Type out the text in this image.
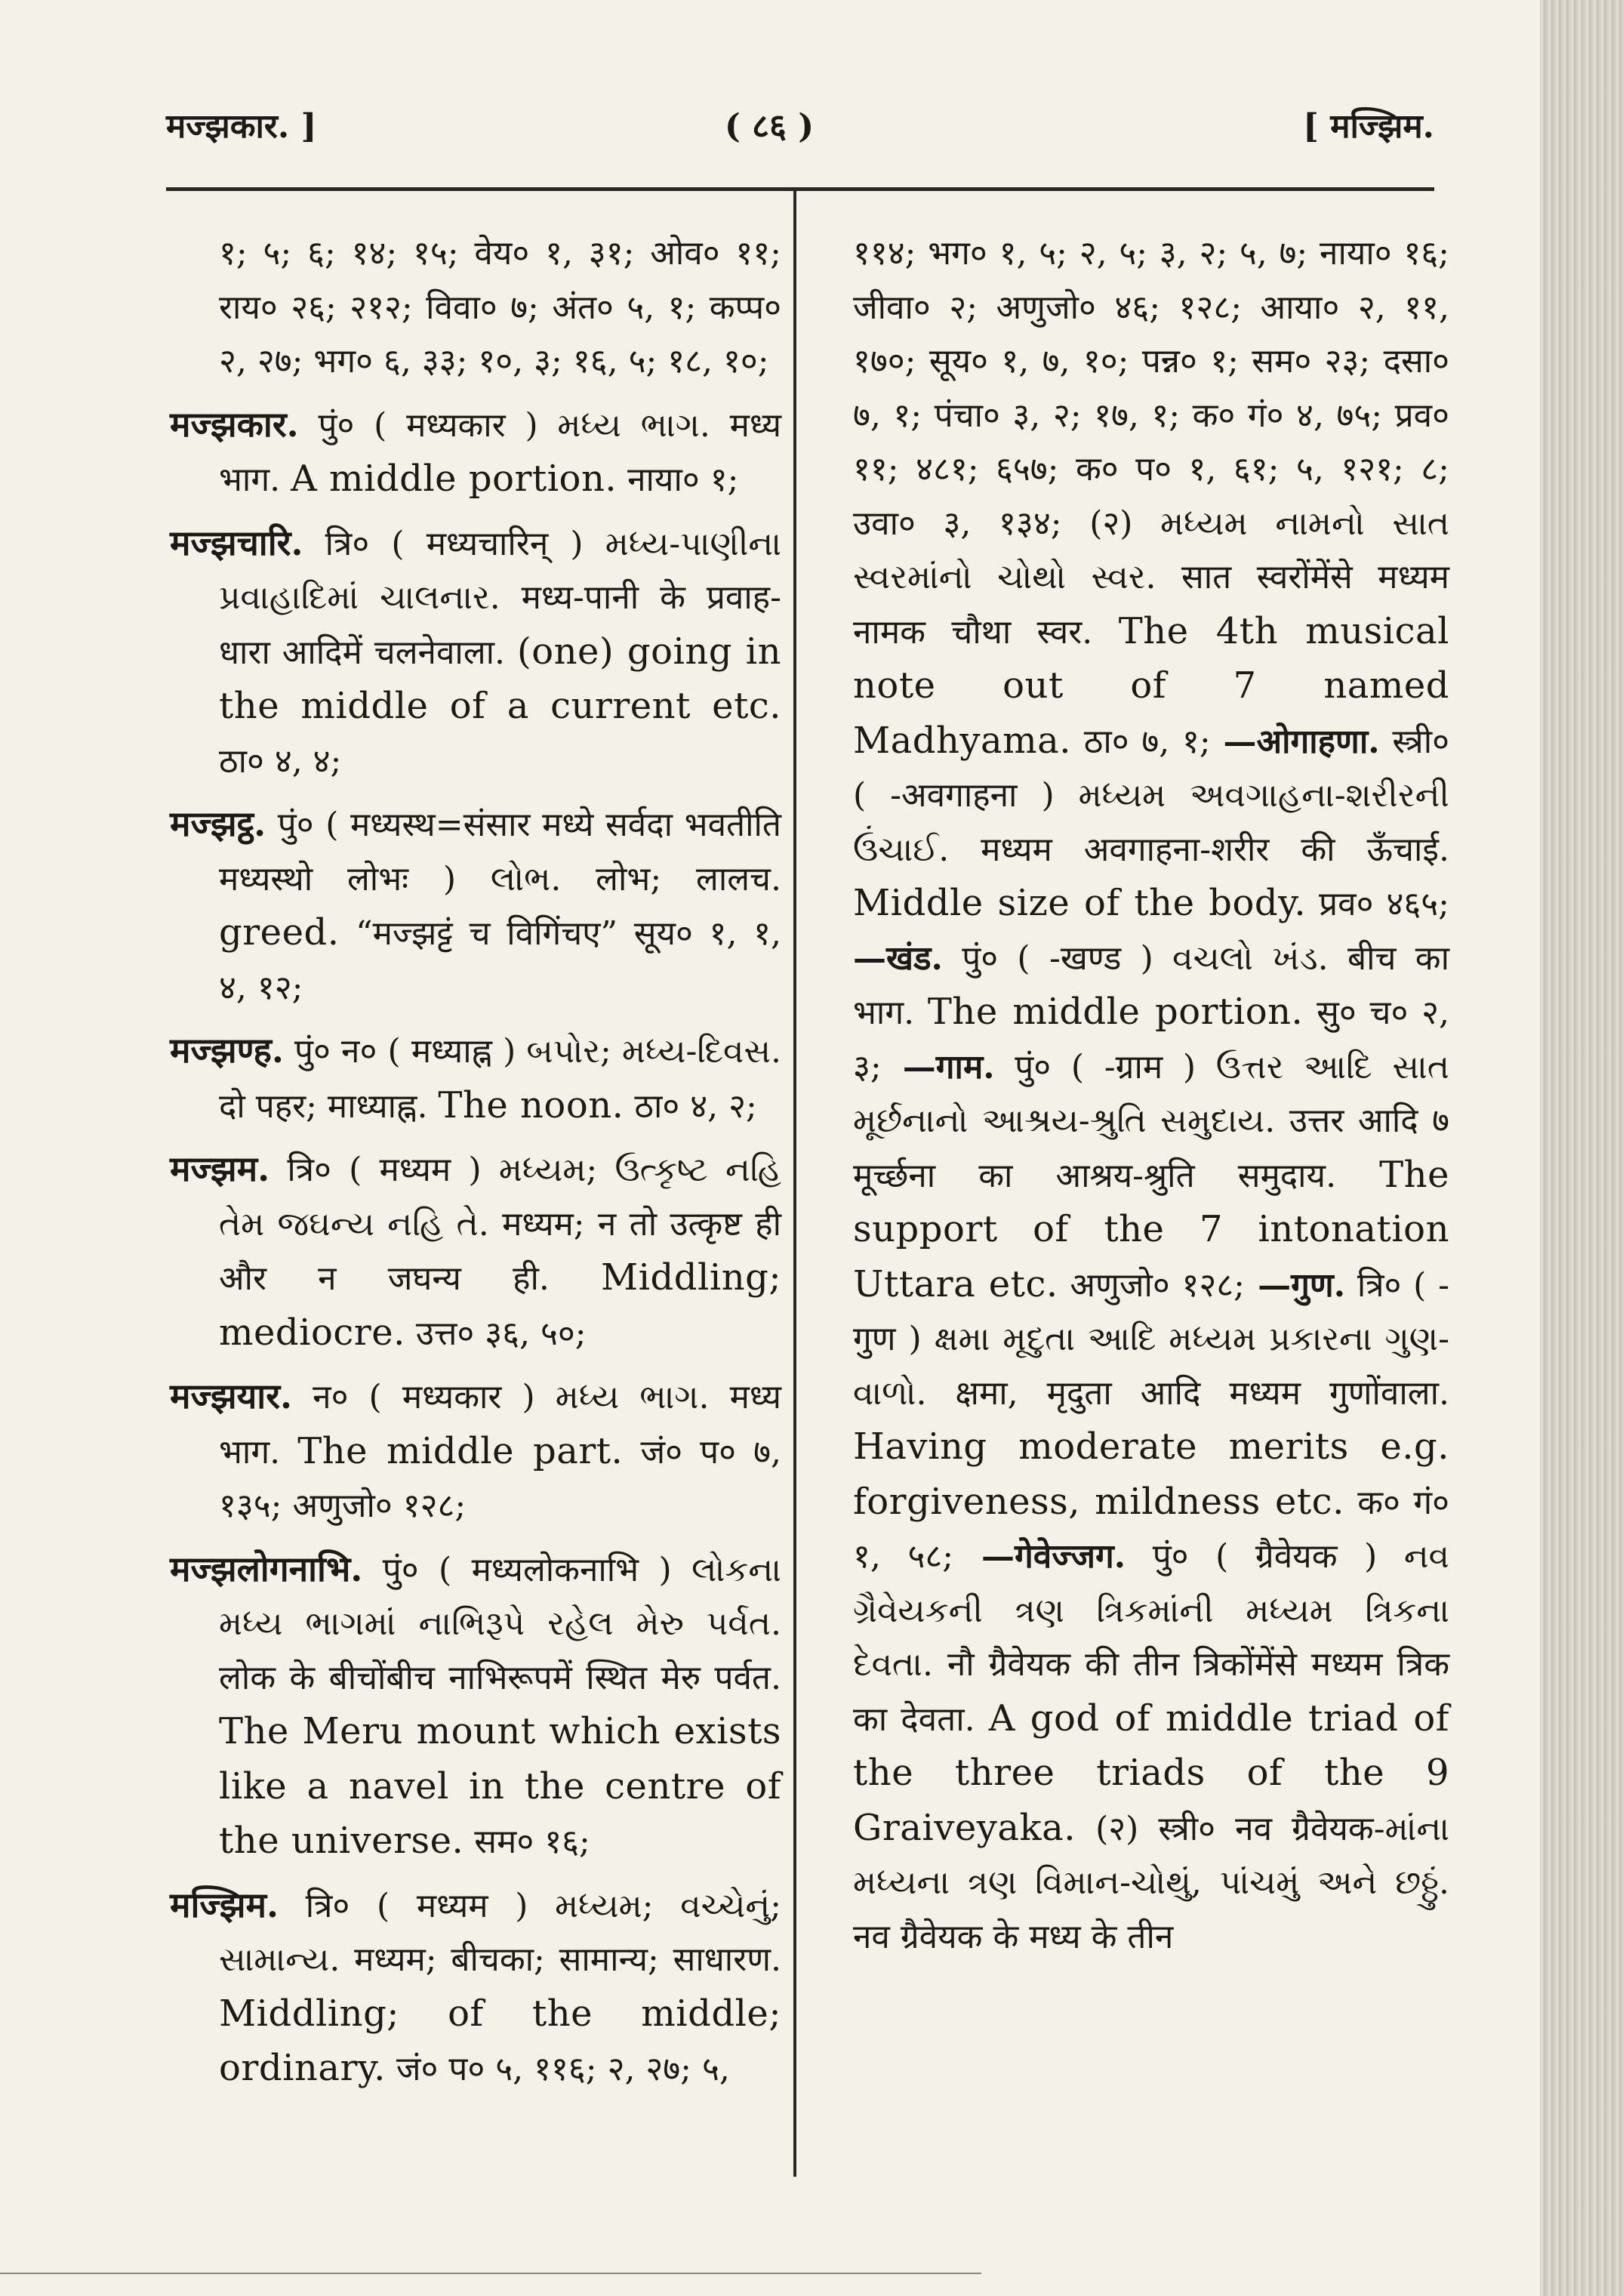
मज्झकार. ]	( ८६ )	[ मज्झिम.

१; ५; ६; १४; १५; वेय० १, ३१; ओव० ११; राय० २६; २१२; विवा० ७; अंत० ५, १; कप्प० २, २७; भग० ६, ३३; १०, ३; १६, ५; १८, १०;

मज्झकार. पुं० ( मध्यकार ) મધ્ય ભાગ. मध्य भाग. A middle portion. नाया० १;

मज्झचारि. त्रि० ( मध्यचारिन् ) મધ્ય-પાણીના પ્રવાહાદિમાં ચાલનાર. मध्य-पानी के प्रवाह-धारा आदिमें चलनेवाला. (one) going in the middle of a current etc. ठा० ४, ४;

मज्झट्ठ. पुं० ( मध्यस्थ=संसार मध्ये सर्वदा भवतीति मध्यस्थो लोभः ) લોભ. लोभ; लालच. greed. “मज्झट्टं च विगिंचए” सूय० १, १, ४, १२;

मज्झण्ह. पुं० न० ( मध्याह्न ) બપોર; મધ્ય-દિવસ. दो पहर; माध्याह्न. The noon. ठा० ४, २;

मज्झम. त्रि० ( मध्यम ) મધ્યમ; ઉત્કૃષ્ટ નહિ તેમ જઘન્ય નહિ તે. मध्यम; न तो उत्कृष्ट ही और न जघन्य ही. Middling; mediocre. उत्त० ३६, ५०;

मज्झयार. न० ( मध्यकार ) મધ્ય ભાગ. मध्य भाग. The middle part. जं० प० ७, १३५; अणुजो० १२८;

मज्झलोगनाभि. पुं० ( मध्यलोकनाभि ) લોકના મધ્ય ભાગમાં નાભિરૂપે રહેલ મેરુ પર્વત. लोक के बीचोंबीच नाभिरूपमें स्थित मेरु पर्वत. The Meru mount which exists like a navel in the centre of the universe. सम० १६;

मज्झिम. त्रि० ( मध्यम ) મધ્યમ; વચ્ચેનું; સામાન્ય. मध्यम; बीचका; सामान्य; साधारण. Middling; of the middle; ordinary. जं० प० ५, ११६; २, २७; ५,

११४; भग० १, ५; २, ५; ३, २; ५, ७; नाया० १६; जीवा० २; अणुजो० ४६; १२८; आया० २, ११, १७०; सूय० १, ७, १०; पन्न० १; सम० २३; दसा० ७, १; पंचा० ३, २; १७, १; क० गं० ४, ७५; प्रव० ११; ४८१; ६५७; क० प० १, ६१; ५, १२१; ८; उवा० ३, १३४; (२) મધ્યમ નામનો સાત સ્વરમાંનો ચોથો સ્વર. सात स्वरोंमेंसे मध्यम नामक चौथा स्वर. The 4th musical note out of 7 named Madhyama. ठा० ७, १; —ओगाहणा. स्त्री० ( -अवगाहना ) મધ્યમ અવગાહના-શરીરની ઉંચાઈ. मध्यम अवगाहना-शरीर की ऊँचाई. Middle size of the body. प्रव० ४६५; —खंड. पुं० ( -खण्ड ) વચલો ખંડ. बीच का भाग. The middle portion. सु० च० २, ३; —गाम. पुं० ( -ग्राम ) ઉત્તર આદિ સાત મૂર્છનાનો આશ્રય-શ્રુતિ સમુદાય. उत्तर आदि ७ मूर्च्छना का आश्रय-श्रुति समुदाय. The support of the 7 intonation Uttara etc. अणुजो० १२८; —गुण. त्रि० ( -गुण ) ક્ષમા મૃદુતા આદિ મધ્યમ પ્રકારના ગુણ-વાળો. क्षमा, मृदुता आदि मध्यम गुणोंवाला. Having moderate merits e.g. forgiveness, mildness etc. क० गं० १, ५८; —गेवेज्जग. पुं० ( ग्रैवेयक ) નવ ગ્રૈવેયકની ત્રણ ત્રિકમાંની મધ્યમ ત્રિકના દેવતા. नौ ग्रैवेयक की तीन त्रिकोंमेंसे मध्यम त्रिक का देवता. A god of middle triad of the three triads of the 9 Graiveyaka. (२) स्त्री० नव ग्रैवेयक-માંના મધ્યના ત્રણ વિમાન-ચોથું, પાંચમું અને છઠ્ઠું. नव ग्रैवेयक के मध्य के तीन
